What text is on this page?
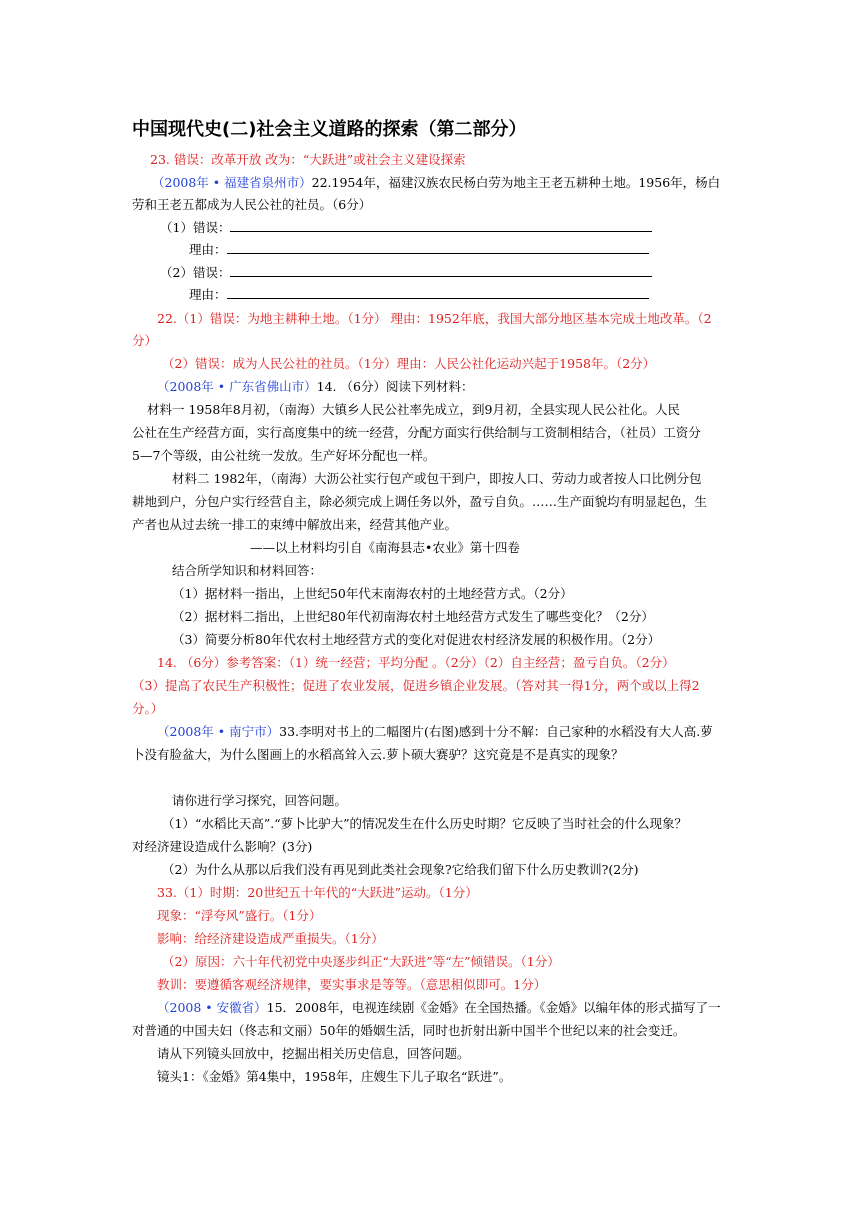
中国现代史(二)社会主义道路的探索（第二部分）
23. 错误：改革开放 改为：“大跃进”或社会主义建设探索
（2008年 • 福建省泉州市）22.1954年，福建汉族农民杨白劳为地主王老五耕种土地。1956年，杨白
劳和王老五都成为人民公社的社员。（6分）
（1）错误：
理由：
（2）错误：
理由：
22.（1）错误：为地主耕种土地。（1分） 理由：1952年底，我国大部分地区基本完成土地改革。（2
分）
（2）错误：成为人民公社的社员。（1分）理由：人民公社化运动兴起于1958年。（2分）
（2008年 • 广东省佛山市）14. （6分）阅读下列材料：
材料一 1958年8月初，（南海）大镇乡人民公社率先成立，到9月初，全县实现人民公社化。人民
公社在生产经营方面，实行高度集中的统一经营，分配方面实行供给制与工资制相结合，（社员）工资分
5—7个等级，由公社统一发放。生产好坏分配也一样。
材料二 1982年，（南海）大沥公社实行包产或包干到户，即按人口、劳动力或者按人口比例分包
耕地到户，分包户实行经营自主，除必须完成上调任务以外，盈亏自负。……生产面貌均有明显起色，生
产者也从过去统一排工的束缚中解放出来，经营其他产业。
——以上材料均引自《南海县志•农业》第十四卷
结合所学知识和材料回答：
（1）据材料一指出，上世纪50年代末南海农村的土地经营方式。（2分）
（2）据材料二指出，上世纪80年代初南海农村土地经营方式发生了哪些变化？（2分）
（3）简要分析80年代农村土地经营方式的变化对促进农村经济发展的积极作用。（2分）
14. （6分）参考答案：（1）统一经营；平均分配 。（2分）（2）自主经营；盈亏自负。（2分）
（3）提高了农民生产积极性；促进了农业发展，促进乡镇企业发展。（答对其一得1分，两个或以上得2
分。）
（2008年 • 南宁市）33.李明对书上的二幅图片(右图)感到十分不解：自己家种的水稻没有大人高.萝
卜没有脸盆大，为什么图画上的水稻高耸入云.萝卜硕大赛驴？这究竟是不是真实的现象？
请你进行学习探究，回答问题。
（1）“水稻比天高”.“萝卜比驴大”的情况发生在什么历史时期？它反映了当时社会的什么现象？
对经济建设造成什么影响？(3分)
（2）为什么从那以后我们没有再见到此类社会现象?它给我们留下什么历史教训?(2分)
33.（1）时期：20世纪五十年代的“大跃进”运动。（1分）
现象：“浮夸风”盛行。（1分）
影响：给经济建设造成严重损失。（1分）
（2）原因：六十年代初党中央逐步纠正“大跃进”等“左”倾错误。（1分）
教训：要遵循客观经济规律，要实事求是等等。（意思相似即可。1分）
（2008 • 安徽省）15．2008年，电视连续剧《金婚》在全国热播。《金婚》以编年体的形式描写了一
对普通的中国夫妇（佟志和文丽）50年的婚姻生活，同时也折射出新中国半个世纪以来的社会变迁。
请从下列镜头回放中，挖掘出相关历史信息，回答问题。
镜头1：《金婚》第4集中，1958年，庄嫂生下儿子取名“跃进”。
